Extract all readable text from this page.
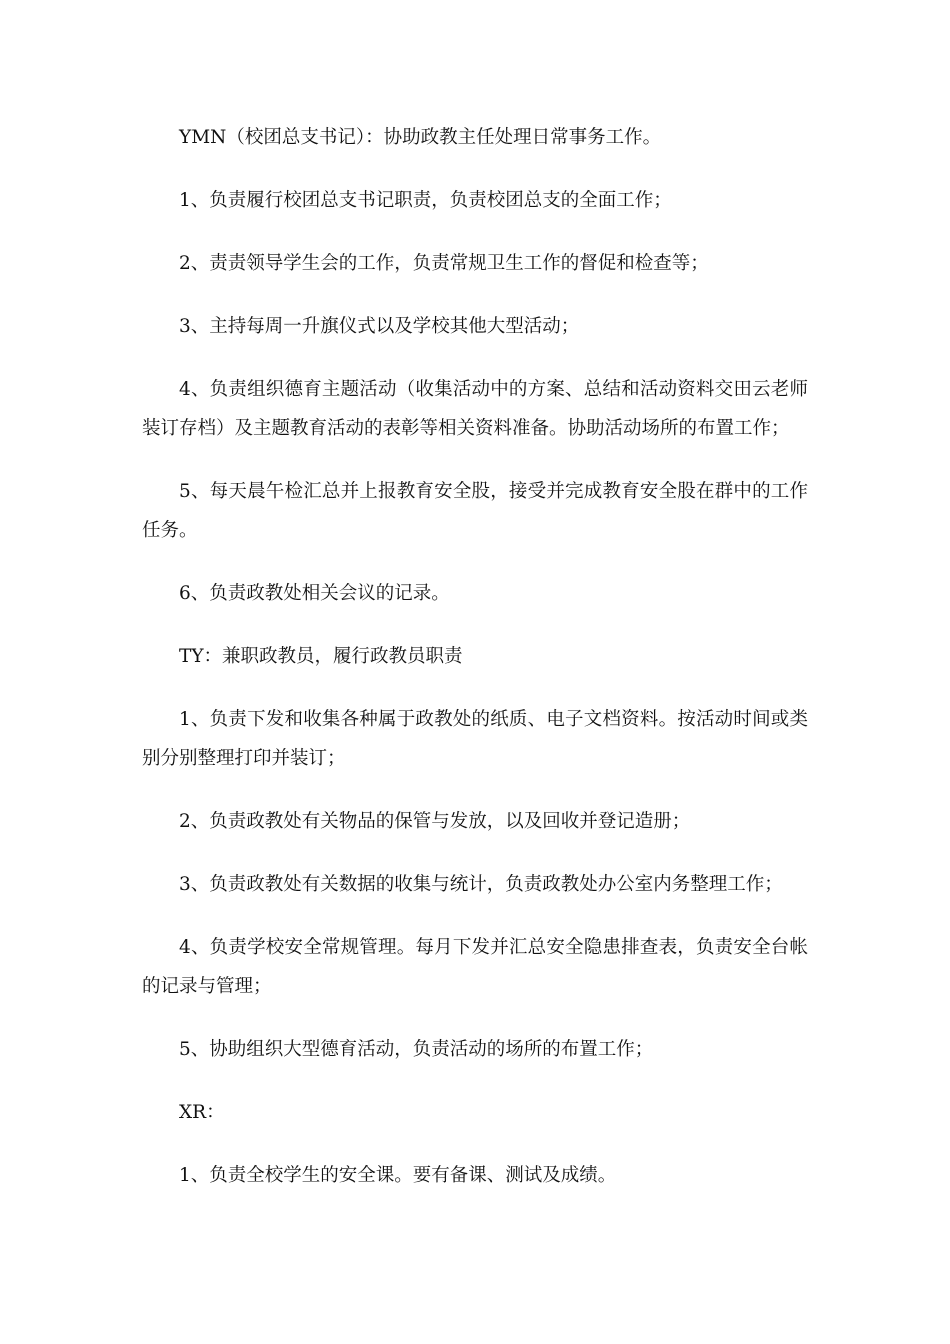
YMN（校团总支书记）：协助政教主任处理日常事务工作。

1、负责履行校团总支书记职责，负责校团总支的全面工作；

2、责责领导学生会的工作，负责常规卫生工作的督促和检查等；

3、主持每周一升旗仪式以及学校其他大型活动；

4、负责组织德育主题活动（收集活动中的方案、总结和活动资料交田云老师装订存档）及主题教育活动的表彰等相关资料准备。协助活动场所的布置工作；

5、每天晨午检汇总并上报教育安全股，接受并完成教育安全股在群中的工作任务。

6、负责政教处相关会议的记录。

TY：兼职政教员，履行政教员职责

1、负责下发和收集各种属于政教处的纸质、电子文档资料。按活动时间或类别分别整理打印并装订；

2、负责政教处有关物品的保管与发放，以及回收并登记造册；

3、负责政教处有关数据的收集与统计，负责政教处办公室内务整理工作；

4、负责学校安全常规管理。每月下发并汇总安全隐患排查表，负责安全台帐的记录与管理；

5、协助组织大型德育活动，负责活动的场所的布置工作；

XR：

1、负责全校学生的安全课。要有备课、测试及成绩。
